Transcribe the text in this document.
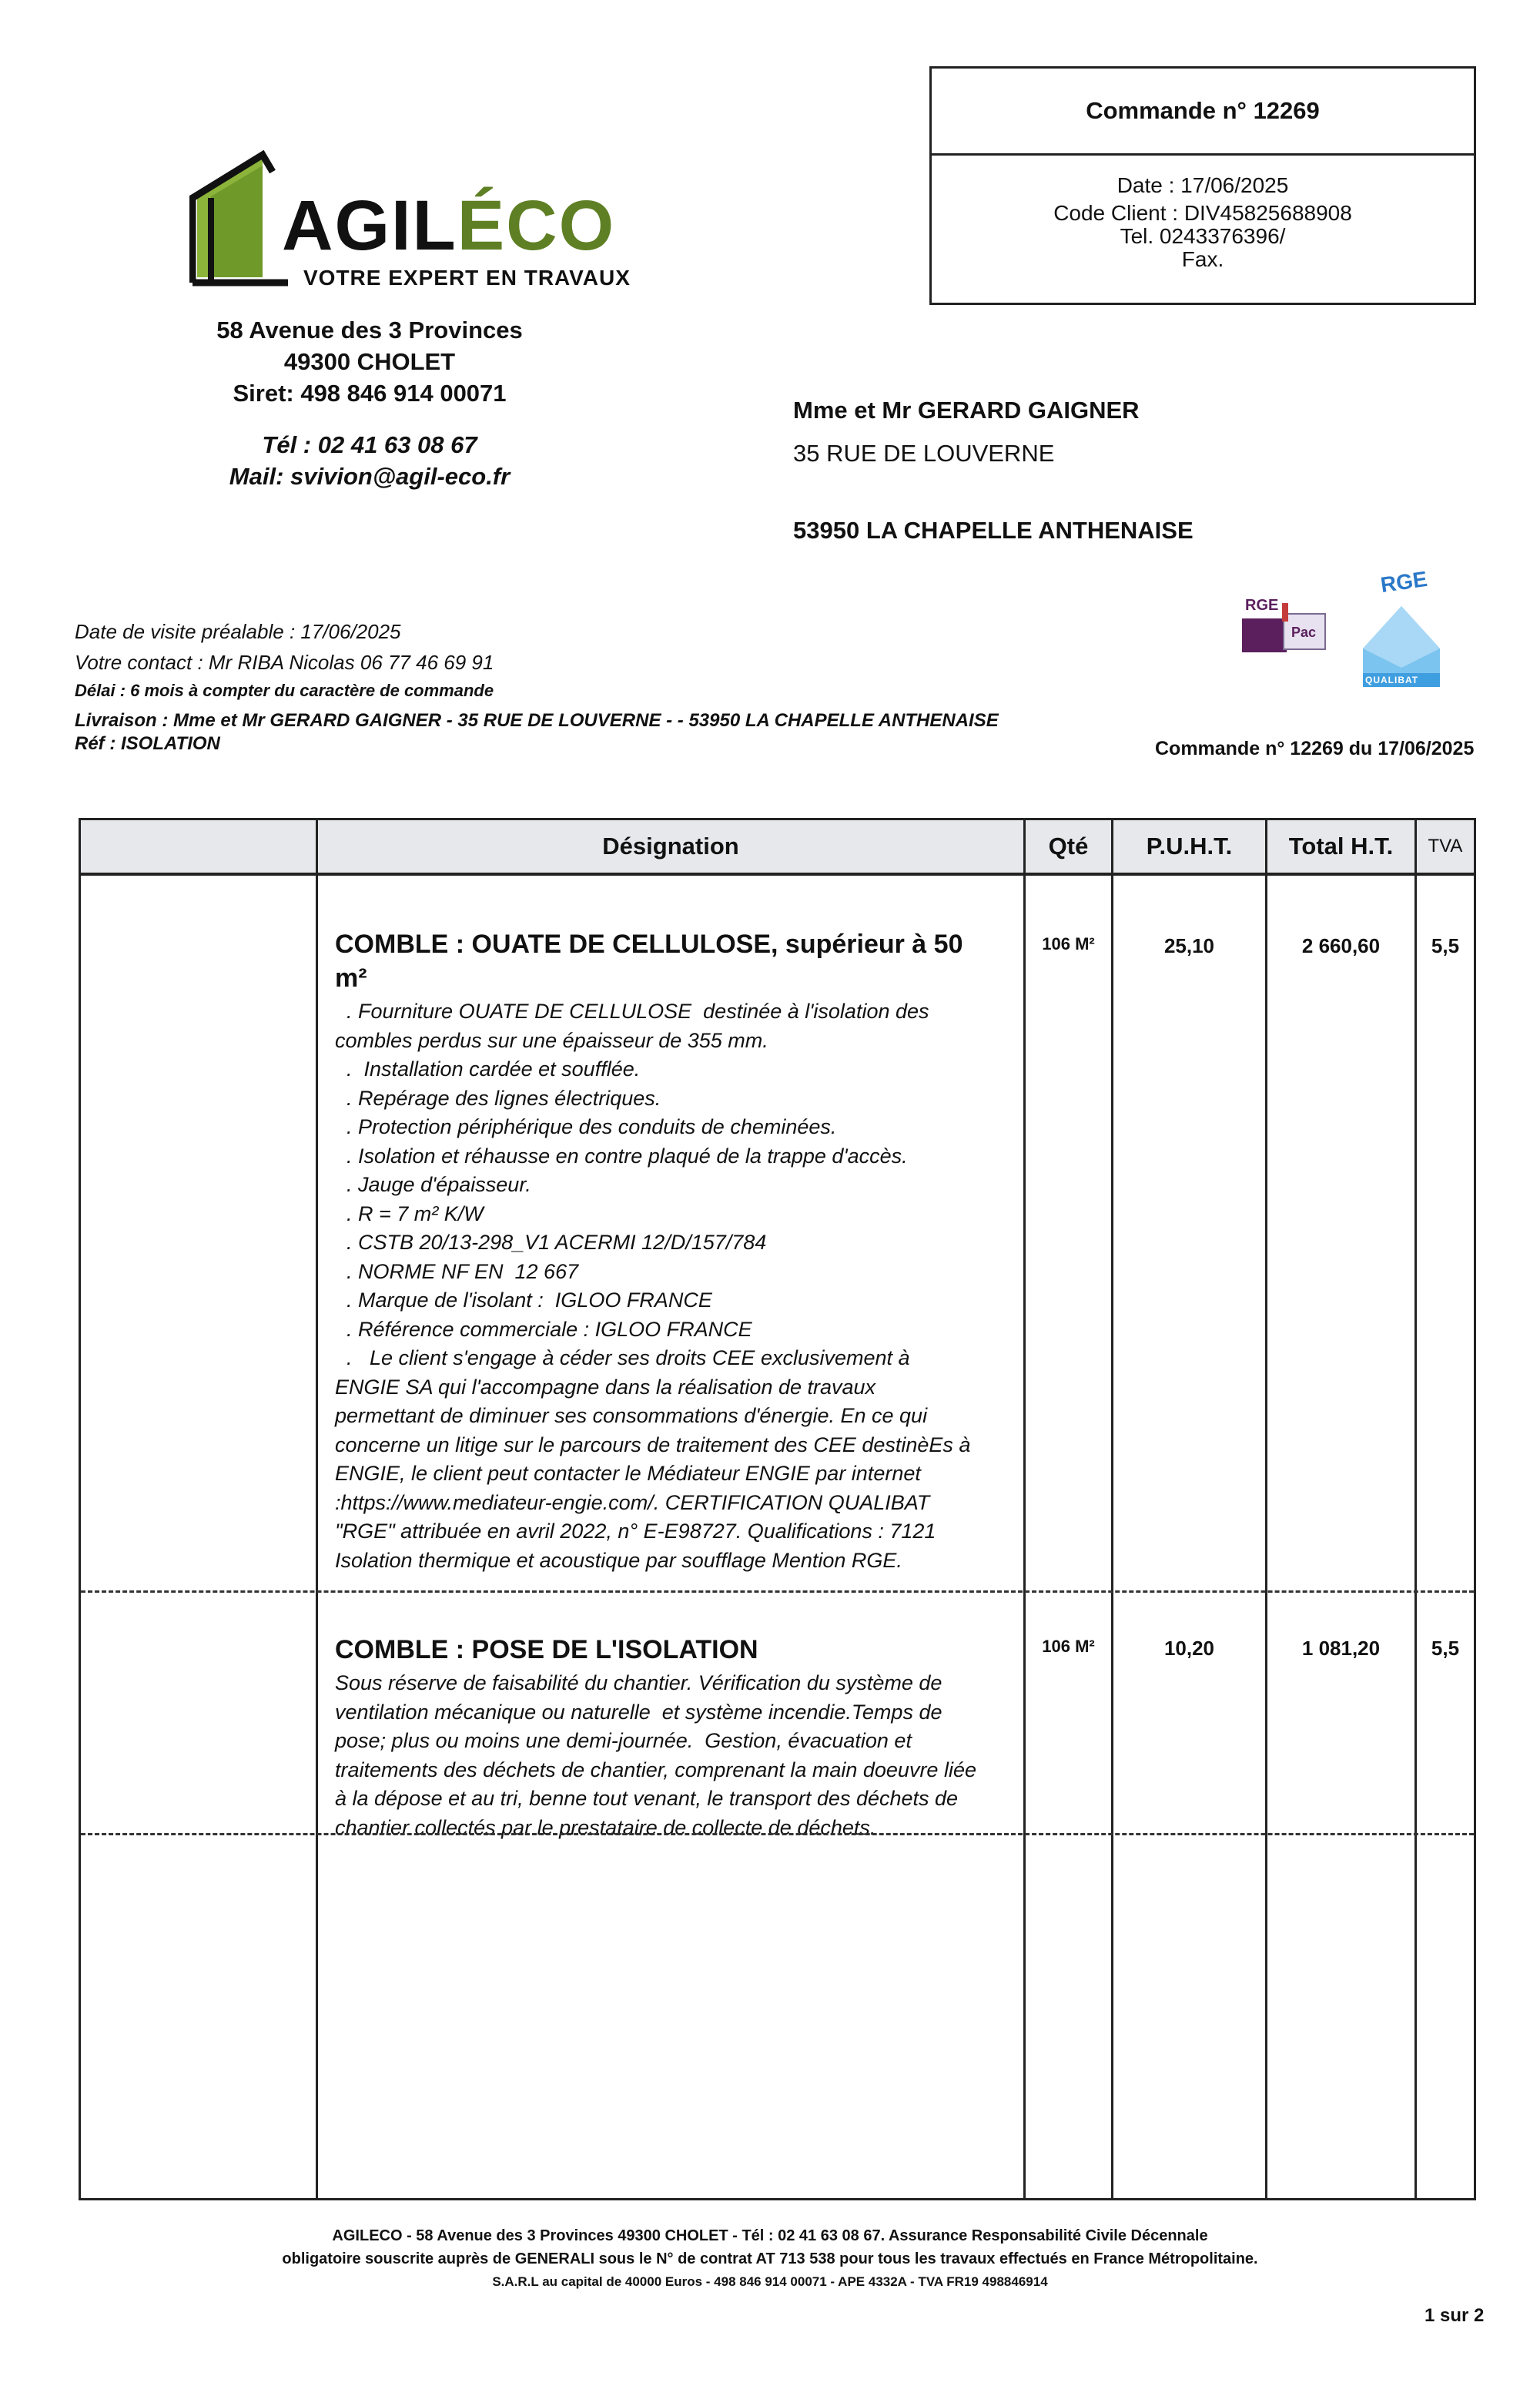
AGILÉCO
VOTRE EXPERT EN TRAVAUX
58 Avenue des 3 Provinces
49300 CHOLET
Siret: 498 846 914 00071
Tél : 02 41 63 08 67
Mail: svivion@agil-eco.fr
Commande n° 12269
Date : 17/06/2025
Code Client : DIV45825688908
Tel. 0243376396/
Fax.
Mme et Mr GERARD GAIGNER
35 RUE DE LOUVERNE
53950 LA CHAPELLE ANTHENAISE
Date de visite préalable : 17/06/2025
Votre contact : Mr RIBA Nicolas 06 77 46 69 91
Délai : 6 mois à compter du caractère de commande
Livraison : Mme et Mr GERARD GAIGNER - 35 RUE DE LOUVERNE - - 53950 LA CHAPELLE ANTHENAISE
Réf : ISOLATION
RGE
Pac
RGE
QUALIBAT
Commande n° 12269 du 17/06/2025
Désignation	Qté	P.U.H.T.	Total H.T.	TVA
COMBLE : OUATE DE CELLULOSE, supérieur à 50
m²
. Fourniture OUATE DE CELLULOSE  destinée à l'isolation des
combles perdus sur une épaisseur de 355 mm.
.  Installation cardée et soufflée.
. Repérage des lignes électriques.
. Protection périphérique des conduits de cheminées.
. Isolation et réhausse en contre plaqué de la trappe d'accès.
. Jauge d'épaisseur.
. R = 7 m² K/W
. CSTB 20/13-298_V1 ACERMI 12/D/157/784
. NORME NF EN  12 667
. Marque de l'isolant :  IGLOO FRANCE
. Référence commerciale : IGLOO FRANCE
.   Le client s'engage à céder ses droits CEE exclusivement à
ENGIE SA qui l'accompagne dans la réalisation de travaux
permettant de diminuer ses consommations d'énergie. En ce qui
concerne un litige sur le parcours de traitement des CEE destinèEs à
ENGIE, le client peut contacter le Médiateur ENGIE par internet
:https://www.mediateur-engie.com/. CERTIFICATION QUALIBAT
"RGE" attribuée en avril 2022, n° E-E98727. Qualifications : 7121
Isolation thermique et acoustique par soufflage Mention RGE.
106 M²	25,10	2 660,60	5,5
COMBLE : POSE DE L'ISOLATION
Sous réserve de faisabilité du chantier. Vérification du système de
ventilation mécanique ou naturelle  et système incendie.Temps de
pose; plus ou moins une demi-journée.  Gestion, évacuation et
traitements des déchets de chantier, comprenant la main doeuvre liée
à la dépose et au tri, benne tout venant, le transport des déchets de
chantier collectés par le prestataire de collecte de déchets.
106 M²	10,20	1 081,20	5,5
AGILECO - 58 Avenue des 3 Provinces 49300 CHOLET - Tél : 02 41 63 08 67. Assurance Responsabilité Civile Décennale
obligatoire souscrite auprès de GENERALI sous le N° de contrat AT 713 538 pour tous les travaux effectués en France Métropolitaine.
S.A.R.L au capital de 40000 Euros - 498 846 914 00071 - APE 4332A - TVA FR19 498846914
1 sur 2
